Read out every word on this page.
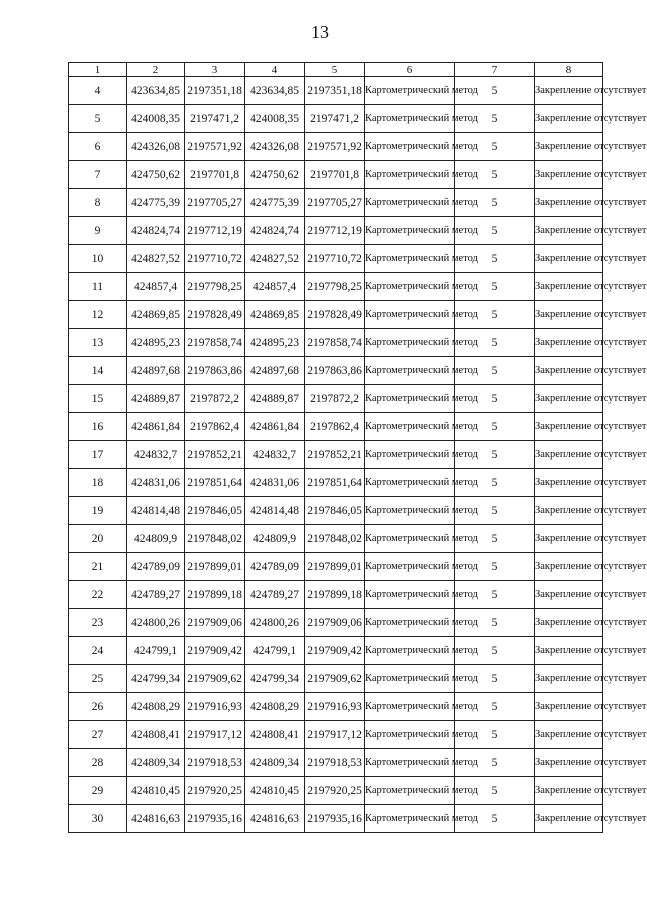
13
1	2	3	4	5	6	7	8
4	423634,85	2197351,18	423634,85	2197351,18	Картометрический метод	5	Закрепление отсутствует
5	424008,35	2197471,2	424008,35	2197471,2	Картометрический метод	5	Закрепление отсутствует
6	424326,08	2197571,92	424326,08	2197571,92	Картометрический метод	5	Закрепление отсутствует
7	424750,62	2197701,8	424750,62	2197701,8	Картометрический метод	5	Закрепление отсутствует
8	424775,39	2197705,27	424775,39	2197705,27	Картометрический метод	5	Закрепление отсутствует
9	424824,74	2197712,19	424824,74	2197712,19	Картометрический метод	5	Закрепление отсутствует
10	424827,52	2197710,72	424827,52	2197710,72	Картометрический метод	5	Закрепление отсутствует
11	424857,4	2197798,25	424857,4	2197798,25	Картометрический метод	5	Закрепление отсутствует
12	424869,85	2197828,49	424869,85	2197828,49	Картометрический метод	5	Закрепление отсутствует
13	424895,23	2197858,74	424895,23	2197858,74	Картометрический метод	5	Закрепление отсутствует
14	424897,68	2197863,86	424897,68	2197863,86	Картометрический метод	5	Закрепление отсутствует
15	424889,87	2197872,2	424889,87	2197872,2	Картометрический метод	5	Закрепление отсутствует
16	424861,84	2197862,4	424861,84	2197862,4	Картометрический метод	5	Закрепление отсутствует
17	424832,7	2197852,21	424832,7	2197852,21	Картометрический метод	5	Закрепление отсутствует
18	424831,06	2197851,64	424831,06	2197851,64	Картометрический метод	5	Закрепление отсутствует
19	424814,48	2197846,05	424814,48	2197846,05	Картометрический метод	5	Закрепление отсутствует
20	424809,9	2197848,02	424809,9	2197848,02	Картометрический метод	5	Закрепление отсутствует
21	424789,09	2197899,01	424789,09	2197899,01	Картометрический метод	5	Закрепление отсутствует
22	424789,27	2197899,18	424789,27	2197899,18	Картометрический метод	5	Закрепление отсутствует
23	424800,26	2197909,06	424800,26	2197909,06	Картометрический метод	5	Закрепление отсутствует
24	424799,1	2197909,42	424799,1	2197909,42	Картометрический метод	5	Закрепление отсутствует
25	424799,34	2197909,62	424799,34	2197909,62	Картометрический метод	5	Закрепление отсутствует
26	424808,29	2197916,93	424808,29	2197916,93	Картометрический метод	5	Закрепление отсутствует
27	424808,41	2197917,12	424808,41	2197917,12	Картометрический метод	5	Закрепление отсутствует
28	424809,34	2197918,53	424809,34	2197918,53	Картометрический метод	5	Закрепление отсутствует
29	424810,45	2197920,25	424810,45	2197920,25	Картометрический метод	5	Закрепление отсутствует
30	424816,63	2197935,16	424816,63	2197935,16	Картометрический метод	5	Закрепление отсутствует
